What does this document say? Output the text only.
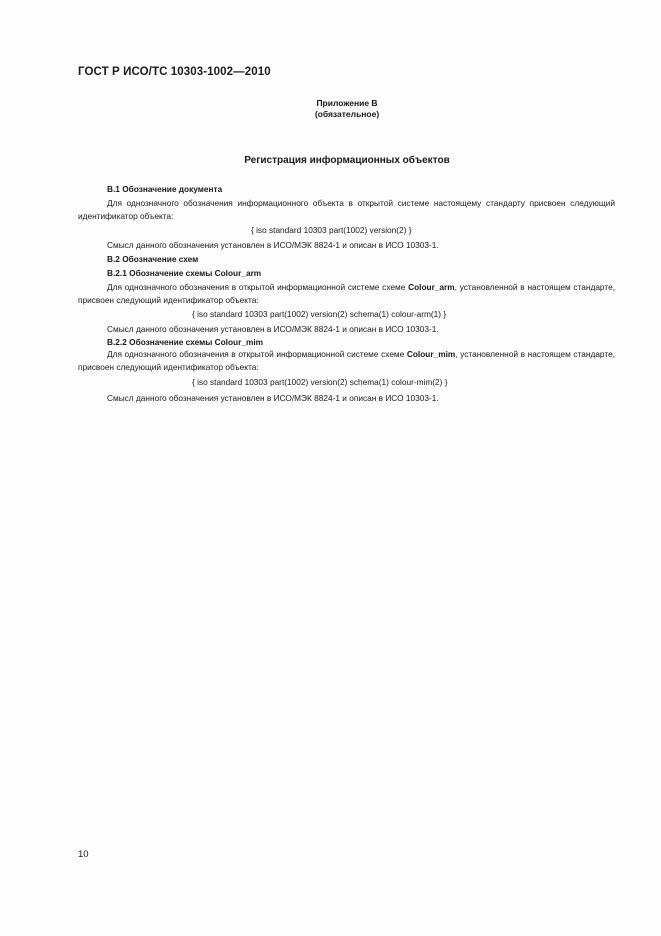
ГОСТ Р ИСО/ТС 10303-1002—2010
Приложение В
(обязательное)
Регистрация информационных объектов
В.1 Обозначение документа
Для однозначного обозначения информационного объекта в открытой системе настоящему стандарту присвоен следующий идентификатор объекта:
{ iso standard 10303 part(1002) version(2) }
Смысл данного обозначения установлен в ИСО/МЭК 8824-1 и описан в ИСО 10303-1.
В.2 Обозначение схем
В.2.1 Обозначение схемы Colour_arm
Для однозначного обозначения в открытой информационной системе схеме Colour_arm, установленной в настоящем стандарте, присвоен следующий идентификатор объекта:
{ iso standard 10303 part(1002) version(2) schema(1) colour-arm(1) }
Смысл данного обозначения установлен в ИСО/МЭК 8824-1 и описан в ИСО 10303-1.
В.2.2 Обозначение схемы Colour_mim
Для однозначного обозначения в открытой информационной системе схеме Colour_mim, установленной в настоящем стандарте, присвоен следующий идентификатор объекта:
{ iso standard 10303 part(1002) version(2) schema(1) colour-mim(2) }
Смысл данного обозначения установлен в ИСО/МЭК 8824-1 и описан в ИСО 10303-1.
10
